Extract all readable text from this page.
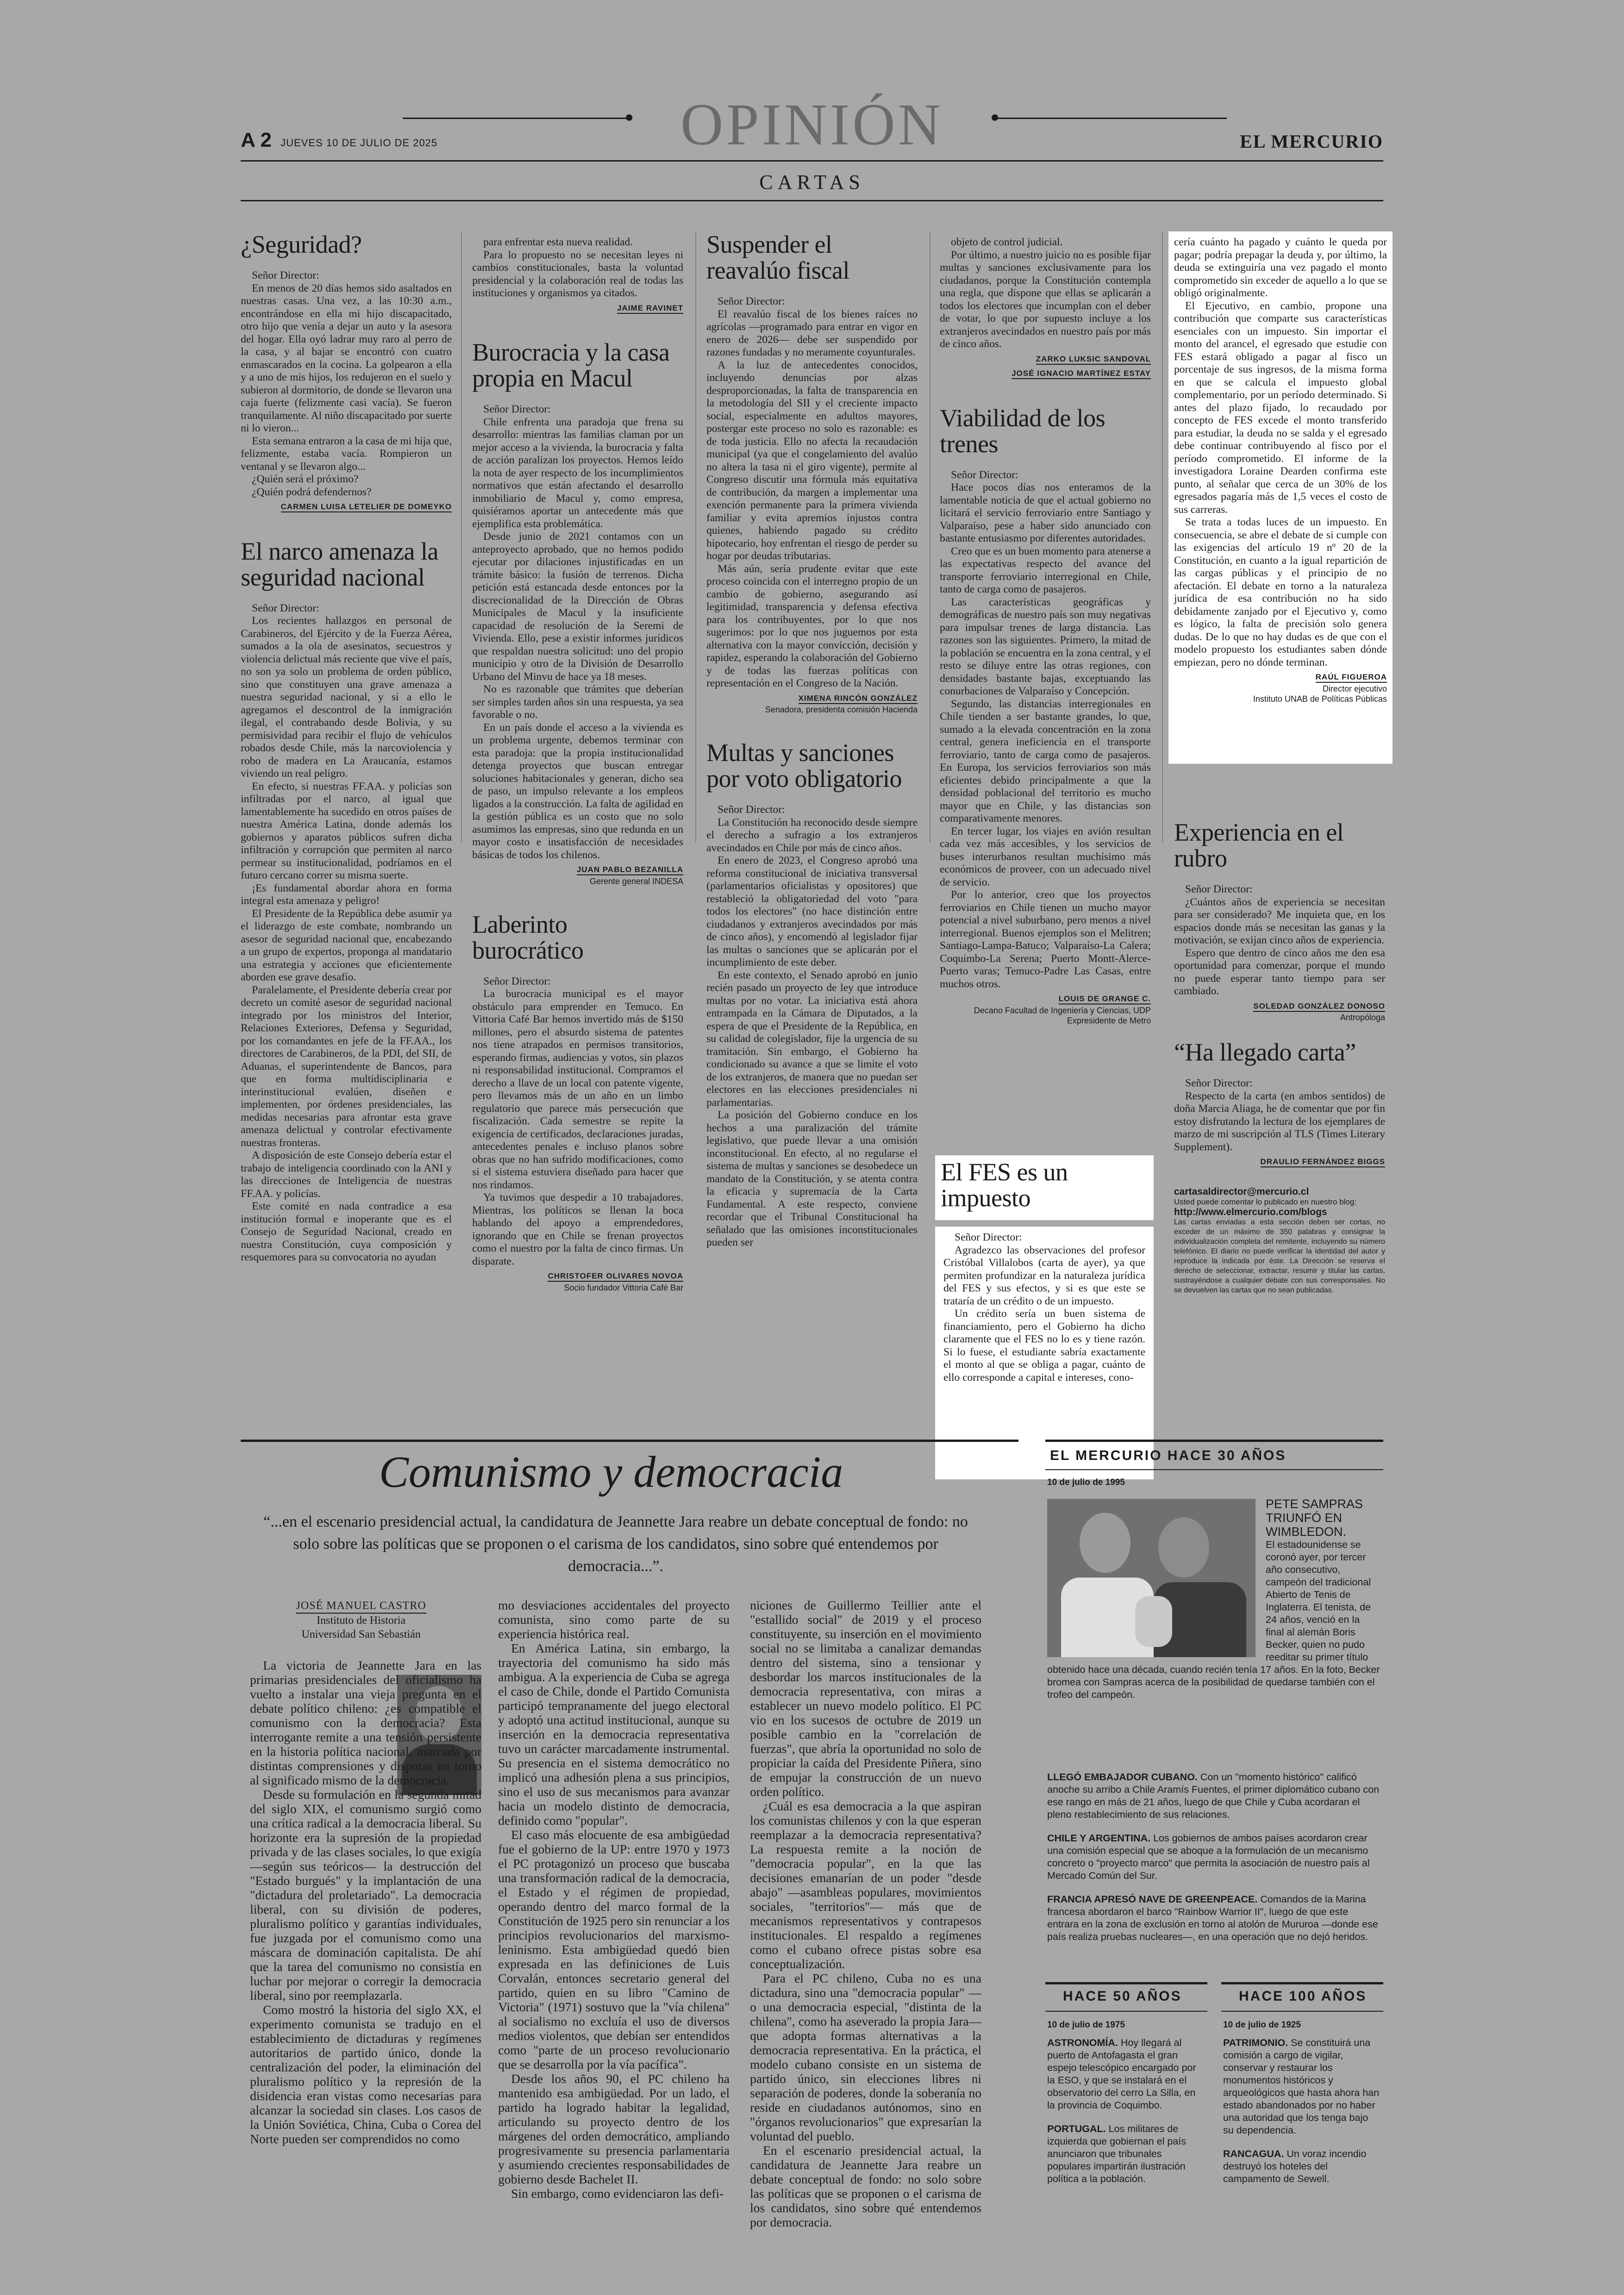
A 2 JUEVES 10 DE JULIO DE 2025	OPINIÓN	EL MERCURIO
CARTAS
¿Seguridad?

Señor Director:

En menos de 20 días hemos sido asaltados en nuestras casas. Una vez, a las 10:30 a.m., encontrándose en ella mi hijo discapacitado, otro hijo que venía a dejar un auto y la asesora del hogar. Ella oyó ladrar muy raro al perro de la casa, y al bajar se encontró con cuatro enmascarados en la cocina. La golpearon a ella y a uno de mis hijos, los redujeron en el suelo y subieron al dormitorio, de donde se llevaron una caja fuerte (felizmente casi vacía). Se fueron tranquilamente. Al niño discapacitado por suerte ni lo vieron...

Esta semana entraron a la casa de mi hija que, felizmente, estaba vacía. Rompieron un ventanal y se llevaron algo...

¿Quién será el próximo?

¿Quién podrá defendernos?

CARMEN LUISA LETELIER DE DOMEYKO
El narco amenaza la seguridad nacional

Señor Director:

Los recientes hallazgos en personal de Carabineros, del Ejército y de la Fuerza Aérea, sumados a la ola de asesinatos, secuestros y violencia delictual más reciente que vive el país, no son ya solo un problema de orden público, sino que constituyen una grave amenaza a nuestra seguridad nacional, y si a ello le agregamos el descontrol de la inmigración ilegal, el contrabando desde Bolivia, y su permisividad para recibir el flujo de vehículos robados desde Chile, más la narcoviolencia y robo de madera en La Araucanía, estamos viviendo un real peligro.

En efecto, si nuestras FF.AA. y policías son infiltradas por el narco, al igual que lamentablemente ha sucedido en otros países de nuestra América Latina, donde además los gobiernos y aparatos públicos sufren dicha infiltración y corrupción que permiten al narco permear su institucionalidad, podríamos en el futuro cercano correr su misma suerte.

¡Es fundamental abordar ahora en forma integral esta amenaza y peligro!

El Presidente de la República debe asumir ya el liderazgo de este combate, nombrando un asesor de seguridad nacional que, encabezando a un grupo de expertos, proponga al mandatario una estrategia y acciones que eficientemente aborden ese grave desafío.

Paralelamente, el Presidente debería crear por decreto un comité asesor de seguridad nacional integrado por los ministros del Interior, Relaciones Exteriores, Defensa y Seguridad, por los comandantes en jefe de la FF.AA., los directores de Carabineros, de la PDI, del SII, de Aduanas, el superintendente de Bancos, para que en forma multidisciplinaria e interinstitucional evalúen, diseñen e implementen, por órdenes presidenciales, las medidas necesarias para afrontar esta grave amenaza delictual y controlar efectivamente nuestras fronteras.

A disposición de este Consejo debería estar el trabajo de inteligencia coordinado con la ANI y las direcciones de Inteligencia de nuestras FF.AA. y policías.

Este comité en nada contradice a esa institución formal e inoperante que es el Consejo de Seguridad Nacional, creado en nuestra Constitución, cuya composición y resquemores para su convocatoria no ayudan

para enfrentar esta nueva realidad.

Para lo propuesto no se necesitan leyes ni cambios constitucionales, basta la voluntad presidencial y la colaboración real de todas las instituciones y organismos ya citados.

JAIME RAVINET
Burocracia y la casa propia en Macul

Señor Director:

Chile enfrenta una paradoja que frena su desarrollo: mientras las familias claman por un mejor acceso a la vivienda, la burocracia y falta de acción paralizan los proyectos. Hemos leído la nota de ayer respecto de los incumplimientos normativos que están afectando el desarrollo inmobiliario de Macul y, como empresa, quisiéramos aportar un antecedente más que ejemplifica esta problemática.

Desde junio de 2021 contamos con un anteproyecto aprobado, que no hemos podido ejecutar por dilaciones injustificadas en un trámite básico: la fusión de terrenos. Dicha petición está estancada desde entonces por la discrecionalidad de la Dirección de Obras Municipales de Macul y la insuficiente capacidad de resolución de la Seremi de Vivienda. Ello, pese a existir informes jurídicos que respaldan nuestra solicitud: uno del propio municipio y otro de la División de Desarrollo Urbano del Minvu de hace ya 18 meses.

No es razonable que trámites que deberían ser simples tarden años sin una respuesta, ya sea favorable o no.

En un país donde el acceso a la vivienda es un problema urgente, debemos terminar con esta paradoja: que la propia institucionalidad detenga proyectos que buscan entregar soluciones habitacionales y generan, dicho sea de paso, un impulso relevante a los empleos ligados a la construcción. La falta de agilidad en la gestión pública es un costo que no solo asumimos las empresas, sino que redunda en un mayor costo e insatisfacción de necesidades básicas de todos los chilenos.

JUAN PABLO BEZANILLA
Gerente general INDESA
Laberinto burocrático

Señor Director:

La burocracia municipal es el mayor obstáculo para emprender en Temuco. En Vittoria Café Bar hemos invertido más de $150 millones, pero el absurdo sistema de patentes nos tiene atrapados en permisos transitorios, esperando firmas, audiencias y votos, sin plazos ni responsabilidad institucional. Compramos el derecho a llave de un local con patente vigente, pero llevamos más de un año en un limbo regulatorio que parece más persecución que fiscalización. Cada semestre se repite la exigencia de certificados, declaraciones juradas, antecedentes penales e incluso planos sobre obras que no han sufrido modificaciones, como si el sistema estuviera diseñado para hacer que nos rindamos.

Ya tuvimos que despedir a 10 trabajadores. Mientras, los políticos se llenan la boca hablando del apoyo a emprendedores, ignorando que en Chile se frenan proyectos como el nuestro por la falta de cinco firmas. Un disparate.

CHRISTOFER OLIVARES NOVOA
Socio fundador Vittoria Café Bar
Suspender el reavalúo fiscal

Señor Director:

El reavalúo fiscal de los bienes raíces no agrícolas —programado para entrar en vigor en enero de 2026— debe ser suspendido por razones fundadas y no meramente coyunturales.

A la luz de antecedentes conocidos, incluyendo denuncias por alzas desproporcionadas, la falta de transparencia en la metodología del SII y el creciente impacto social, especialmente en adultos mayores, postergar este proceso no solo es razonable: es de toda justicia. Ello no afecta la recaudación municipal (ya que el congelamiento del avalúo no altera la tasa ni el giro vigente), permite al Congreso discutir una fórmula más equitativa de contribución, da margen a implementar una exención permanente para la primera vivienda familiar y evita apremios injustos contra quienes, habiendo pagado su crédito hipotecario, hoy enfrentan el riesgo de perder su hogar por deudas tributarias.

Más aún, sería prudente evitar que este proceso coincida con el interregno propio de un cambio de gobierno, asegurando así legitimidad, transparencia y defensa efectiva para los contribuyentes, por lo que nos sugerimos: por lo que nos juguemos por esta alternativa con la mayor convicción, decisión y rapidez, esperando la colaboración del Gobierno y de todas las fuerzas políticas con representación en el Congreso de la Nación.

XIMENA RINCÓN GONZÁLEZ
Senadora, presidenta comisión Hacienda
Multas y sanciones por voto obligatorio

Señor Director:

La Constitución ha reconocido desde siempre el derecho a sufragio a los extranjeros avecindados en Chile por más de cinco años.

En enero de 2023, el Congreso aprobó una reforma constitucional de iniciativa transversal (parlamentarios oficialistas y opositores) que restableció la obligatoriedad del voto "para todos los electores" (no hace distinción entre ciudadanos y extranjeros avecindados por más de cinco años), y encomendó al legislador fijar las multas o sanciones que se aplicarán por el incumplimiento de este deber.

En este contexto, el Senado aprobó en junio recién pasado un proyecto de ley que introduce multas por no votar. La iniciativa está ahora entrampada en la Cámara de Diputados, a la espera de que el Presidente de la República, en su calidad de colegislador, fije la urgencia de su tramitación. Sin embargo, el Gobierno ha condicionado su avance a que se limite el voto de los extranjeros, de manera que no puedan ser electores en las elecciones presidenciales ni parlamentarias.

La posición del Gobierno conduce en los hechos a una paralización del trámite legislativo, que puede llevar a una omisión inconstitucional. En efecto, al no regularse el sistema de multas y sanciones se desobedece un mandato de la Constitución, y se atenta contra la eficacia y supremacía de la Carta Fundamental. A este respecto, conviene recordar que el Tribunal Constitucional ha señalado que las omisiones inconstitucionales pueden ser

objeto de control judicial.

Por último, a nuestro juicio no es posible fijar multas y sanciones exclusivamente para los ciudadanos, porque la Constitución contempla una regla, que dispone que ellas se aplicarán a todos los electores que incumplan con el deber de votar, lo que por supuesto incluye a los extranjeros avecindados en nuestro país por más de cinco años.

ZARKO LUKSIC SANDOVAL
JOSÉ IGNACIO MARTÍNEZ ESTAY
Viabilidad de los trenes

Señor Director:

Hace pocos días nos enteramos de la lamentable noticia de que el actual gobierno no licitará el servicio ferroviario entre Santiago y Valparaíso, pese a haber sido anunciado con bastante entusiasmo por diferentes autoridades.

Creo que es un buen momento para atenerse a las expectativas respecto del avance del transporte ferroviario interregional en Chile, tanto de carga como de pasajeros.

Las características geográficas y demográficas de nuestro país son muy negativas para impulsar trenes de larga distancia. Las razones son las siguientes. Primero, la mitad de la población se encuentra en la zona central, y el resto se diluye entre las otras regiones, con densidades bastante bajas, exceptuando las conurbaciones de Valparaíso y Concepción.

Segundo, las distancias interregionales en Chile tienden a ser bastante grandes, lo que, sumado a la elevada concentración en la zona central, genera ineficiencia en el transporte ferroviario, tanto de carga como de pasajeros. En Europa, los servicios ferroviarios son más eficientes debido principalmente a que la densidad poblacional del territorio es mucho mayor que en Chile, y las distancias son comparativamente menores.

En tercer lugar, los viajes en avión resultan cada vez más accesibles, y los servicios de buses interurbanos resultan muchísimo más económicos de proveer, con un adecuado nivel de servicio.

Por lo anterior, creo que los proyectos ferroviarios en Chile tienen un mucho mayor potencial a nivel suburbano, pero menos a nivel interregional. Buenos ejemplos son el Melitren; Santiago-Lampa-Batuco; Valparaíso-La Calera; Coquimbo-La Serena; Puerto Montt-Alerce-Puerto varas; Temuco-Padre Las Casas, entre muchos otros.

LOUIS DE GRANGE C.
Decano Facultad de Ingeniería y Ciencias, UDP
Expresidente de Metro
El FES es un impuesto

Señor Director:

Agradezco las observaciones del profesor Cristóbal Villalobos (carta de ayer), ya que permiten profundizar en la naturaleza jurídica del FES y sus efectos, y si es que este se trataría de un crédito o de un impuesto.

Un crédito sería un buen sistema de financiamiento, pero el Gobierno ha dicho claramente que el FES no lo es y tiene razón. Si lo fuese, el estudiante sabría exactamente el monto al que se obliga a pagar, cuánto de ello corresponde a capital e intereses, cono-

cería cuánto ha pagado y cuánto le queda por pagar; podría prepagar la deuda y, por último, la deuda se extinguiría una vez pagado el monto comprometido sin exceder de aquello a lo que se obligó originalmente.

El Ejecutivo, en cambio, propone una contribución que comparte sus características esenciales con un impuesto. Sin importar el monto del arancel, el egresado que estudie con FES estará obligado a pagar al fisco un porcentaje de sus ingresos, de la misma forma en que se calcula el impuesto global complementario, por un período determinado. Si antes del plazo fijado, lo recaudado por concepto de FES excede el monto transferido para estudiar, la deuda no se salda y el egresado debe continuar contribuyendo al fisco por el período comprometido. El informe de la investigadora Loraine Dearden confirma este punto, al señalar que cerca de un 30% de los egresados pagaría más de 1,5 veces el costo de sus carreras.

Se trata a todas luces de un impuesto. En consecuencia, se abre el debate de si cumple con las exigencias del artículo 19 nº 20 de la Constitución, en cuanto a la igual repartición de las cargas públicas y el principio de no afectación. El debate en torno a la naturaleza jurídica de esa contribución no ha sido debidamente zanjado por el Ejecutivo y, como es lógico, la falta de precisión solo genera dudas. De lo que no hay dudas es de que con el modelo propuesto los estudiantes saben dónde empiezan, pero no dónde terminan.

RAÚL FIGUEROA
Director ejecutivo
Instituto UNAB de Políticas Públicas
Experiencia en el rubro

Señor Director:

¿Cuántos años de experiencia se necesitan para ser considerado? Me inquieta que, en los espacios donde más se necesitan las ganas y la motivación, se exijan cinco años de experiencia.

Espero que dentro de cinco años me den esa oportunidad para comenzar, porque el mundo no puede esperar tanto tiempo para ser cambiado.

SOLEDAD GONZÁLEZ DONOSO
Antropóloga
“Ha llegado carta”

Señor Director:

Respecto de la carta (en ambos sentidos) de doña Marcia Aliaga, he de comentar que por fin estoy disfrutando la lectura de los ejemplares de marzo de mi suscripción al TLS (Times Literary Supplement).

DRAULIO FERNÁNDEZ BIGGS
cartasaldirector@mercurio.cl
Usted puede comentar lo publicado en nuestro blog:
http://www.elmercurio.com/blogs
Las cartas enviadas a esta sección deben ser cortas, no exceder de un máximo de 350 palabras y consignar la individualización completa del remitente, incluyendo su número telefónico. El diario no puede verificar la identidad del autor y reproduce la indicada por éste. La Dirección se reserva el derecho de seleccionar, extractar, resumir y titular las cartas, sustrayéndose a cualquier debate con sus corresponsales. No se devuelven las cartas que no sean publicadas.
Comunismo y democracia
“...en el escenario presidencial actual, la candidatura de Jeannette Jara reabre un debate conceptual de fondo: no solo sobre las políticas que se proponen o el carisma de los candidatos, sino sobre qué entendemos por democracia...”.
JOSÉ MANUEL CASTRO
Instituto de Historia
Universidad San Sebastián

La victoria de Jeannette Jara en las primarias presidenciales del oficialismo ha vuelto a instalar una vieja pregunta en el debate político chileno: ¿es compatible el comunismo con la democracia? Esta interrogante remite a una tensión persistente en la historia política nacional, marcada por distintas comprensiones y disputas en torno al significado mismo de la democracia.

Desde su formulación en la segunda mitad del siglo XIX, el comunismo surgió como una crítica radical a la democracia liberal. Su horizonte era la supresión de la propiedad privada y de las clases sociales, lo que exigía —según sus teóricos— la destrucción del "Estado burgués" y la implantación de una "dictadura del proletariado". La democracia liberal, con su división de poderes, pluralismo político y garantías individuales, fue juzgada por el comunismo como una máscara de dominación capitalista. De ahí que la tarea del comunismo no consistía en luchar por mejorar o corregir la democracia liberal, sino por reemplazarla.

Como mostró la historia del siglo XX, el experimento comunista se tradujo en el establecimiento de dictaduras y regímenes autoritarios de partido único, donde la centralización del poder, la eliminación del pluralismo político y la represión de la disidencia eran vistas como necesarias para alcanzar la sociedad sin clases. Los casos de la Unión Soviética, China, Cuba o Corea del Norte pueden ser comprendidos no como

mo desviaciones accidentales del proyecto comunista, sino como parte de su experiencia histórica real.

En América Latina, sin embargo, la trayectoria del comunismo ha sido más ambigua. A la experiencia de Cuba se agrega el caso de Chile, donde el Partido Comunista participó tempranamente del juego electoral y adoptó una actitud institucional, aunque su inserción en la democracia representativa tuvo un carácter marcadamente instrumental. Su presencia en el sistema democrático no implicó una adhesión plena a sus principios, sino el uso de sus mecanismos para avanzar hacia un modelo distinto de democracia, definido como "popular".

El caso más elocuente de esa ambigüedad fue el gobierno de la UP: entre 1970 y 1973 el PC protagonizó un proceso que buscaba una transformación radical de la democracia, el Estado y el régimen de propiedad, operando dentro del marco formal de la Constitución de 1925 pero sin renunciar a los principios revolucionarios del marxismo-leninismo. Esta ambigüedad quedó bien expresada en las definiciones de Luis Corvalán, entonces secretario general del partido, quien en su libro "Camino de Victoria" (1971) sostuvo que la "vía chilena" al socialismo no excluía el uso de diversos medios violentos, que debían ser entendidos como "parte de un proceso revolucionario que se desarrolla por la vía pacífica".

Desde los años 90, el PC chileno ha mantenido esa ambigüedad. Por un lado, el partido ha logrado habitar la legalidad, articulando su proyecto dentro de los márgenes del orden democrático, ampliando progresivamente su presencia parlamentaria y asumiendo crecientes responsabilidades de gobierno desde Bachelet II.

Sin embargo, como evidenciaron las defi-

niciones de Guillermo Teillier ante el "estallido social" de 2019 y el proceso constituyente, su inserción en el movimiento social no se limitaba a canalizar demandas dentro del sistema, sino a tensionar y desbordar los marcos institucionales de la democracia representativa, con miras a establecer un nuevo modelo político. El PC vio en los sucesos de octubre de 2019 un posible cambio en la "correlación de fuerzas", que abría la oportunidad no solo de propiciar la caída del Presidente Piñera, sino de empujar la construcción de un nuevo orden político.

¿Cuál es esa democracia a la que aspiran los comunistas chilenos y con la que esperan reemplazar a la democracia representativa? La respuesta remite a la noción de "democracia popular", en la que las decisiones emanarían de un poder "desde abajo" —asambleas populares, movimientos sociales, "territorios"— más que de mecanismos representativos y contrapesos institucionales. El respaldo a regímenes como el cubano ofrece pistas sobre esa conceptualización.

Para el PC chileno, Cuba no es una dictadura, sino una "democracia popular" —o una democracia especial, "distinta de la chilena", como ha aseverado la propia Jara— que adopta formas alternativas a la democracia representativa. En la práctica, el modelo cubano consiste en un sistema de partido único, sin elecciones libres ni separación de poderes, donde la soberanía no reside en ciudadanos autónomos, sino en "órganos revolucionarios" que expresarían la voluntad del pueblo.

En el escenario presidencial actual, la candidatura de Jeannette Jara reabre un debate conceptual de fondo: no solo sobre las políticas que se proponen o el carisma de los candidatos, sino sobre qué entendemos por democracia.

EL MERCURIO HACE 30 AÑOS
10 de julio de 1995
PETE SAMPRAS TRIUNFÓ EN WIMBLEDON.
El estadounidense se coronó ayer, por tercer año consecutivo, campeón del tradicional Abierto de Tenis de Inglaterra. El tenista, de 24 años, venció en la final al alemán Boris Becker, quien no pudo reeditar su primer título obtenido hace una década, cuando recién tenía 17 años. En la foto, Becker bromea con Sampras acerca de la posibilidad de quedarse también con el trofeo del campeón.

LLEGÓ EMBAJADOR CUBANO. Con un "momento histórico" calificó anoche su arribo a Chile Aramís Fuentes, el primer diplomático cubano con ese rango en más de 21 años, luego de que Chile y Cuba acordaran el pleno restablecimiento de sus relaciones.

CHILE Y ARGENTINA. Los gobiernos de ambos países acordaron crear una comisión especial que se aboque a la formulación de un mecanismo concreto o "proyecto marco" que permita la asociación de nuestro país al Mercado Común del Sur.

FRANCIA APRESÓ NAVE DE GREENPEACE. Comandos de la Marina francesa abordaron el barco "Rainbow Warrior II", luego de que este entrara en la zona de exclusión en torno al atolón de Mururoa —donde ese país realiza pruebas nucleares—, en una operación que no dejó heridos.

HACE 50 AÑOS
10 de julio de 1975

ASTRONOMÍA. Hoy llegará al puerto de Antofagasta el gran espejo telescópico encargado por la ESO, y que se instalará en el observatorio del cerro La Silla, en la provincia de Coquimbo.

PORTUGAL. Los militares de izquierda que gobiernan el país anunciaron que tribunales populares impartirán ilustración política a la población.

HACE 100 AÑOS
10 de julio de 1925

PATRIMONIO. Se constituirá una comisión a cargo de vigilar, conservar y restaurar los monumentos históricos y arqueológicos que hasta ahora han estado abandonados por no haber una autoridad que los tenga bajo su dependencia.

RANCAGUA. Un voraz incendio destruyó los hoteles del campamento de Sewell.
